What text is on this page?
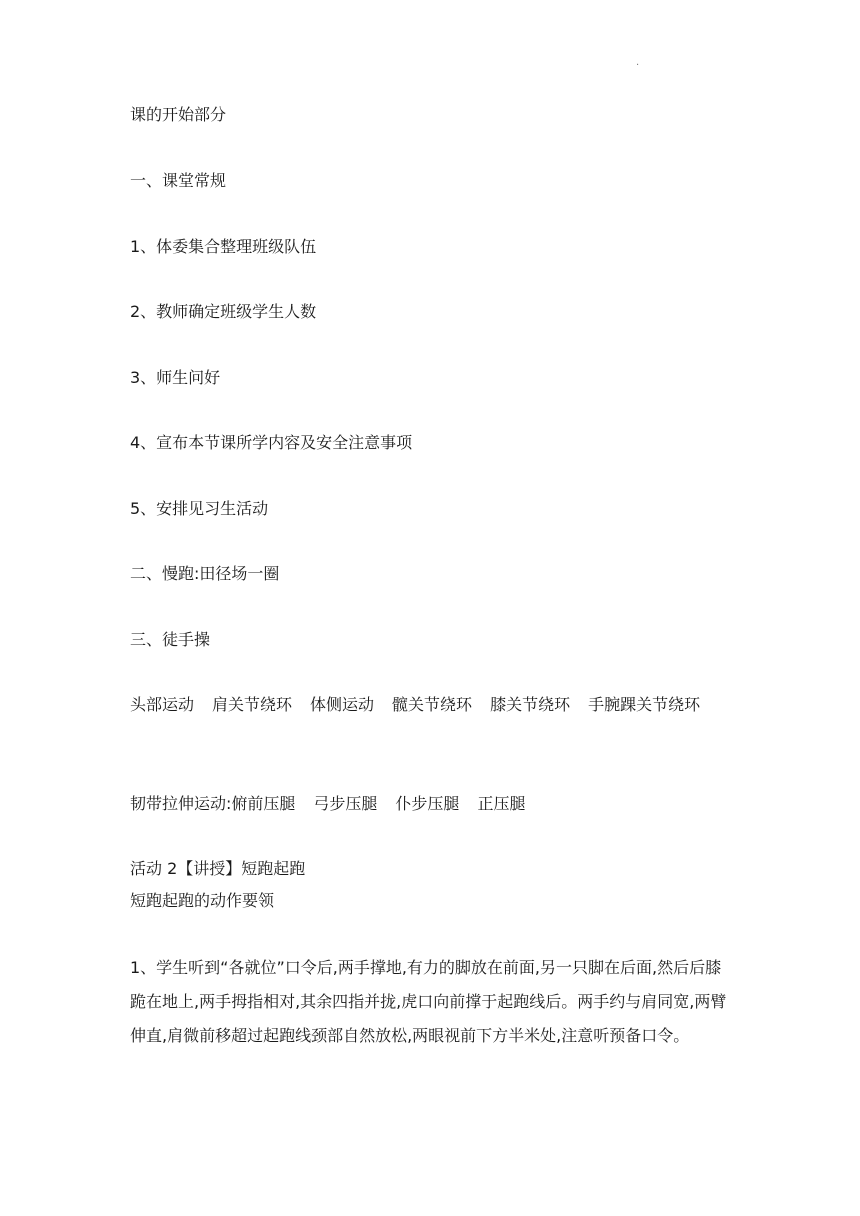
.
课的开始部分
一、课堂常规
1、体委集合整理班级队伍
2、教师确定班级学生人数
3、师生问好
4、宣布本节课所学内容及安全注意事项
5、安排见习生活动
二、慢跑:田径场一圈
三、徒手操
头部运动 肩关节绕环 体侧运动 髋关节绕环 膝关节绕环 手腕踝关节绕环
韧带拉伸运动:俯前压腿 弓步压腿 仆步压腿 正压腿
活动 2【讲授】短跑起跑
短跑起跑的动作要领
1、学生听到“各就位”口令后,两手撑地,有力的脚放在前面,另一只脚在后面,然后后膝跪在地上,两手拇指相对,其余四指并拢,虎口向前撑于起跑线后。两手约与肩同宽,两臂伸直,肩微前移超过起跑线颈部自然放松,两眼视前下方半米处,注意听预备口令。
